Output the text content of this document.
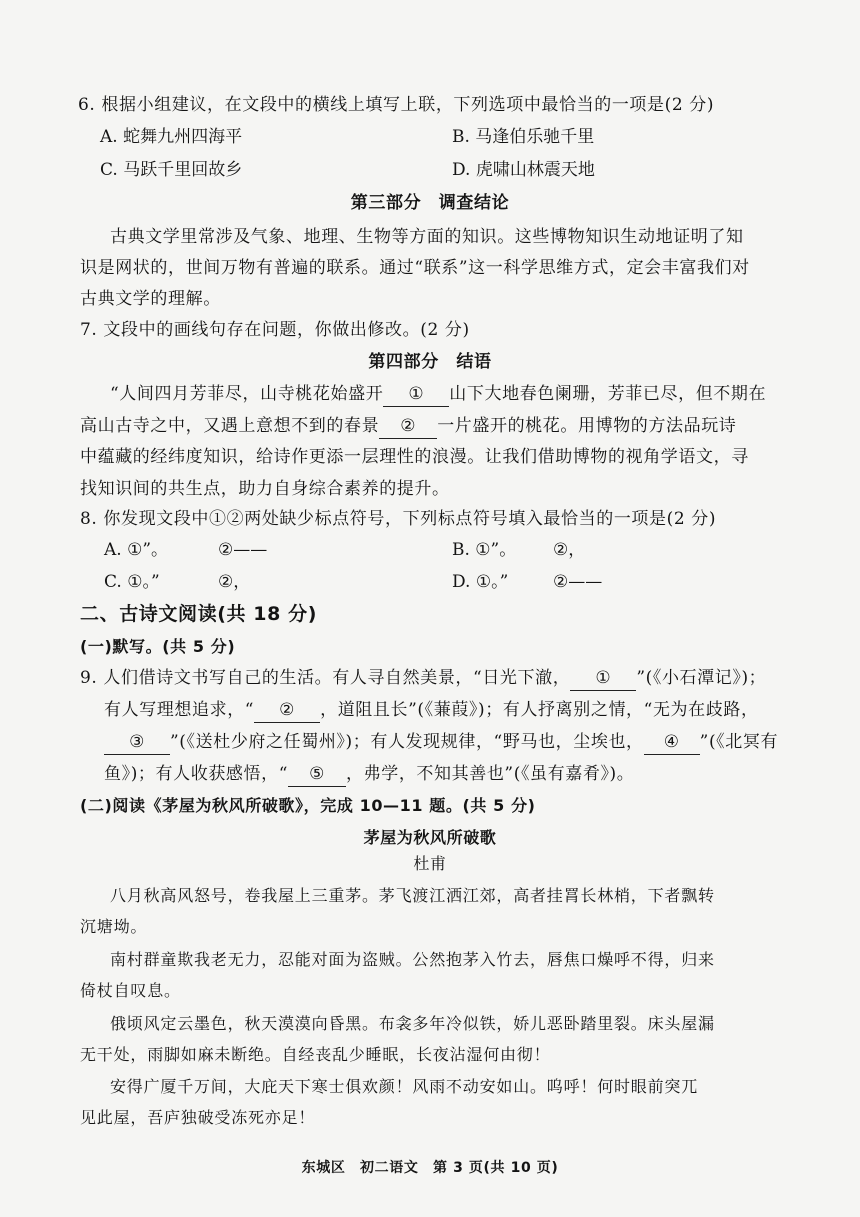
6. 根据小组建议，在文段中的横线上填写上联，下列选项中最恰当的一项是(2 分)
A. 蛇舞九州四海平	B. 马逢伯乐驰千里
C. 马跃千里回故乡	D. 虎啸山林震天地
第三部分　调查结论
古典文学里常涉及气象、地理、生物等方面的知识。这些博物知识生动地证明了知
识是网状的，世间万物有普遍的联系。通过“联系”这一科学思维方式，定会丰富我们对
古典文学的理解。
7. 文段中的画线句存在问题，你做出修改。(2 分)
第四部分　结语
“人间四月芳菲尽，山寺桃花始盛开 ① 山下大地春色阑珊，芳菲已尽，但不期在
高山古寺之中，又遇上意想不到的春景 ② 一片盛开的桃花。用博物的方法品玩诗
中蕴藏的经纬度知识，给诗作更添一层理性的浪漫。让我们借助博物的视角学语文，寻
找知识间的共生点，助力自身综合素养的提升。
8. 你发现文段中①②两处缺少标点符号，下列标点符号填入最恰当的一项是(2 分)
A. ①”。	②——	B. ①”。 ②，
C. ①。”	②，	D. ①。”	②——
二、古诗文阅读(共 18 分)
(一)默写。(共 5 分)
9. 人们借诗文书写自己的生活。有人寻自然美景，“日光下澈， ① ”(《小石潭记》)；
有人写理想追求，“ ② ，道阻且长”(《蒹葭》)；有人抒离别之情，“无为在歧路，
③ ”(《送杜少府之任蜀州》)；有人发现规律，“野马也，尘埃也， ④ ”(《北冥有
鱼》)；有人收获感悟，“ ⑤ ，弗学，不知其善也”(《虽有嘉肴》)。
(二)阅读《茅屋为秋风所破歌》，完成 10—11 题。(共 5 分)
茅屋为秋风所破歌
杜甫
八月秋高风怒号，卷我屋上三重茅。茅飞渡江洒江郊，高者挂罥长林梢，下者飘转
沉塘坳。
南村群童欺我老无力，忍能对面为盗贼。公然抱茅入竹去，唇焦口燥呼不得，归来
倚杖自叹息。
俄顷风定云墨色，秋天漠漠向昏黑。布衾多年冷似铁，娇儿恶卧踏里裂。床头屋漏
无干处，雨脚如麻未断绝。自经丧乱少睡眠，长夜沾湿何由彻！
安得广厦千万间，大庇天下寒士俱欢颜！风雨不动安如山。呜呼！何时眼前突兀
见此屋，吾庐独破受冻死亦足！
东城区　初二语文　第 3 页(共 10 页)
